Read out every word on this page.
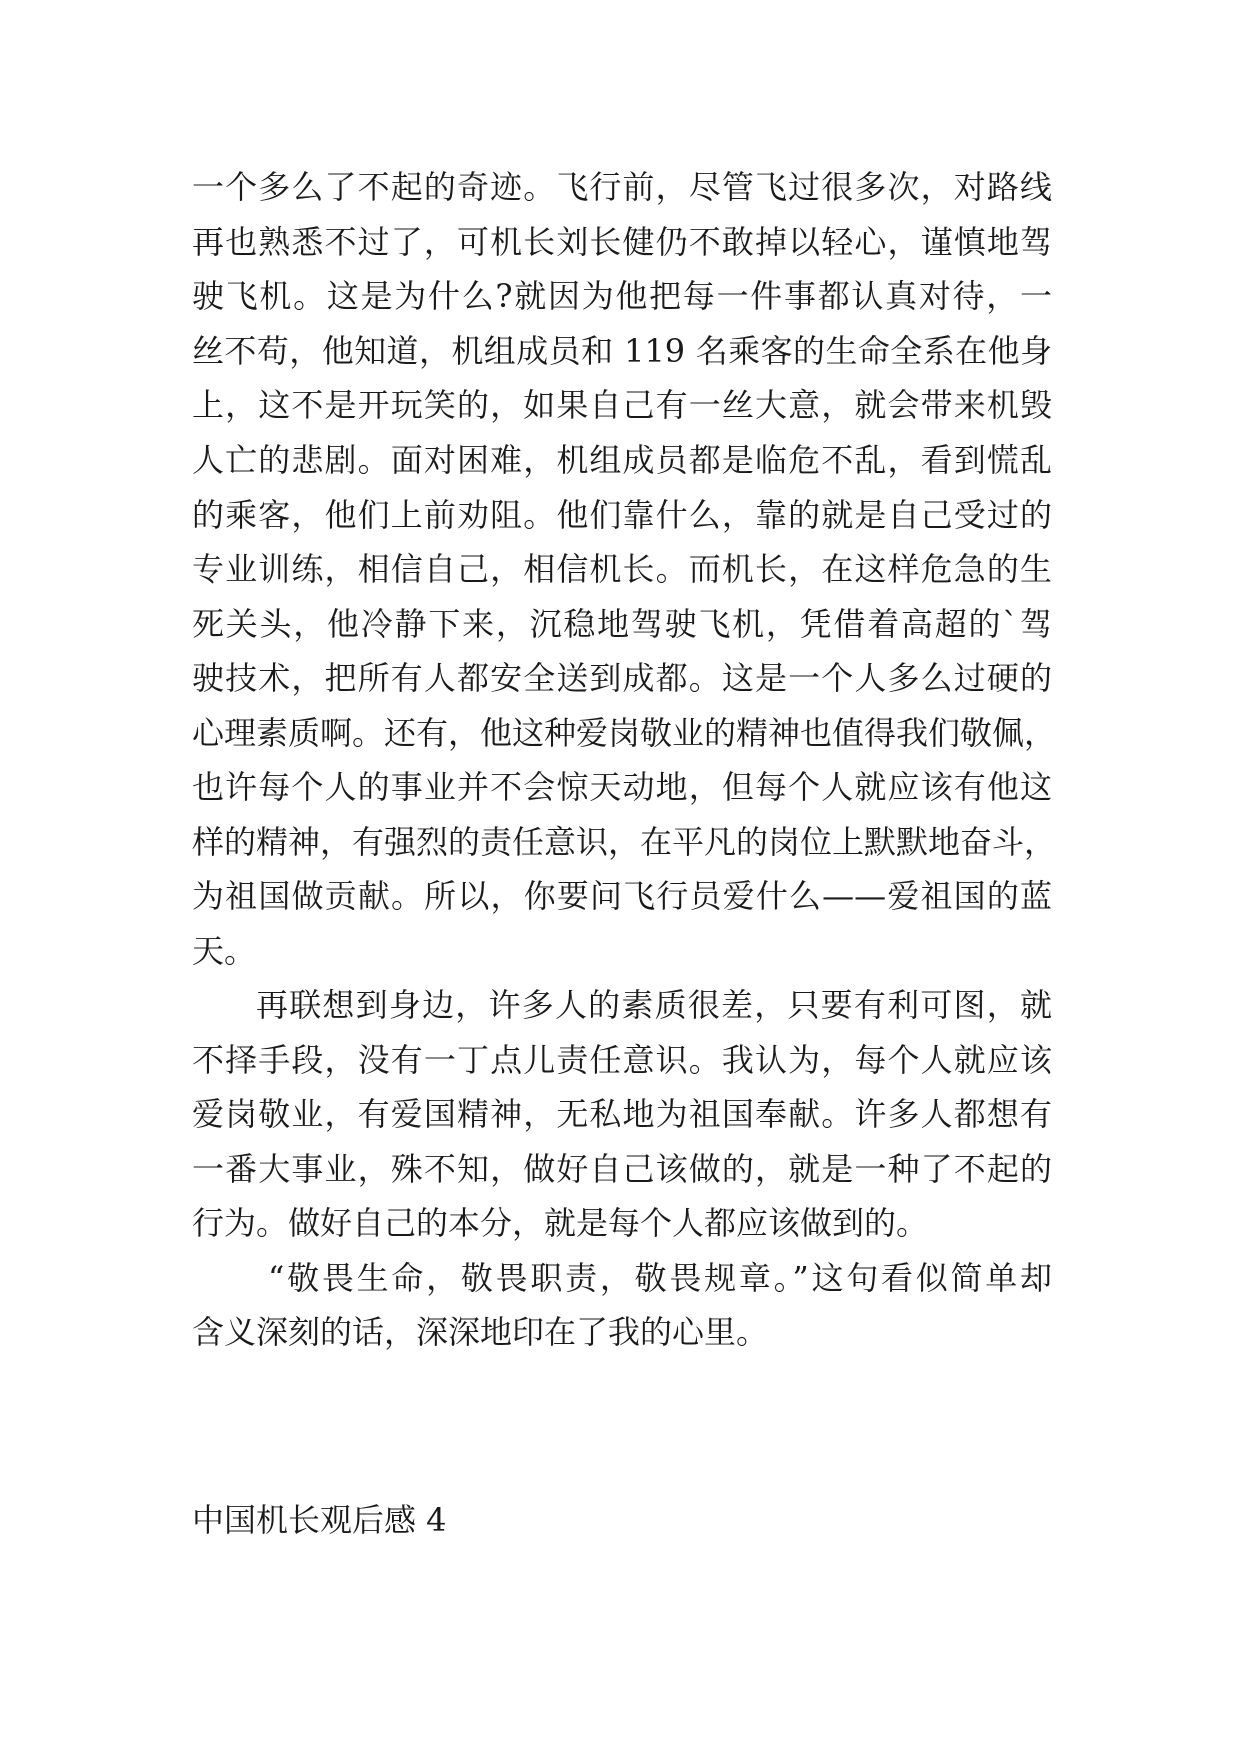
一个多么了不起的奇迹。飞行前，尽管飞过很多次，对路线
再也熟悉不过了，可机长刘长健仍不敢掉以轻心，谨慎地驾
驶飞机。这是为什么?就因为他把每一件事都认真对待，一
丝不苟，他知道，机组成员和 119 名乘客的生命全系在他身
上，这不是开玩笑的，如果自己有一丝大意，就会带来机毁
人亡的悲剧。面对困难，机组成员都是临危不乱，看到慌乱
的乘客，他们上前劝阻。他们靠什么，靠的就是自己受过的
专业训练，相信自己，相信机长。而机长，在这样危急的生
死关头，他冷静下来，沉稳地驾驶飞机，凭借着高超的`驾
驶技术，把所有人都安全送到成都。这是一个人多么过硬的
心理素质啊。还有，他这种爱岗敬业的精神也值得我们敬佩，
也许每个人的事业并不会惊天动地，但每个人就应该有他这
样的精神，有强烈的责任意识，在平凡的岗位上默默地奋斗，
为祖国做贡献。所以，你要问飞行员爱什么——爱祖国的蓝
天。
再联想到身边，许多人的素质很差，只要有利可图，就
不择手段，没有一丁点儿责任意识。我认为，每个人就应该
爱岗敬业，有爱国精神，无私地为祖国奉献。许多人都想有
一番大事业，殊不知，做好自己该做的，就是一种了不起的
行为。做好自己的本分，就是每个人都应该做到的。
“敬畏生命，敬畏职责，敬畏规章。”这句看似简单却
含义深刻的话，深深地印在了我的心里。
中国机长观后感 4
